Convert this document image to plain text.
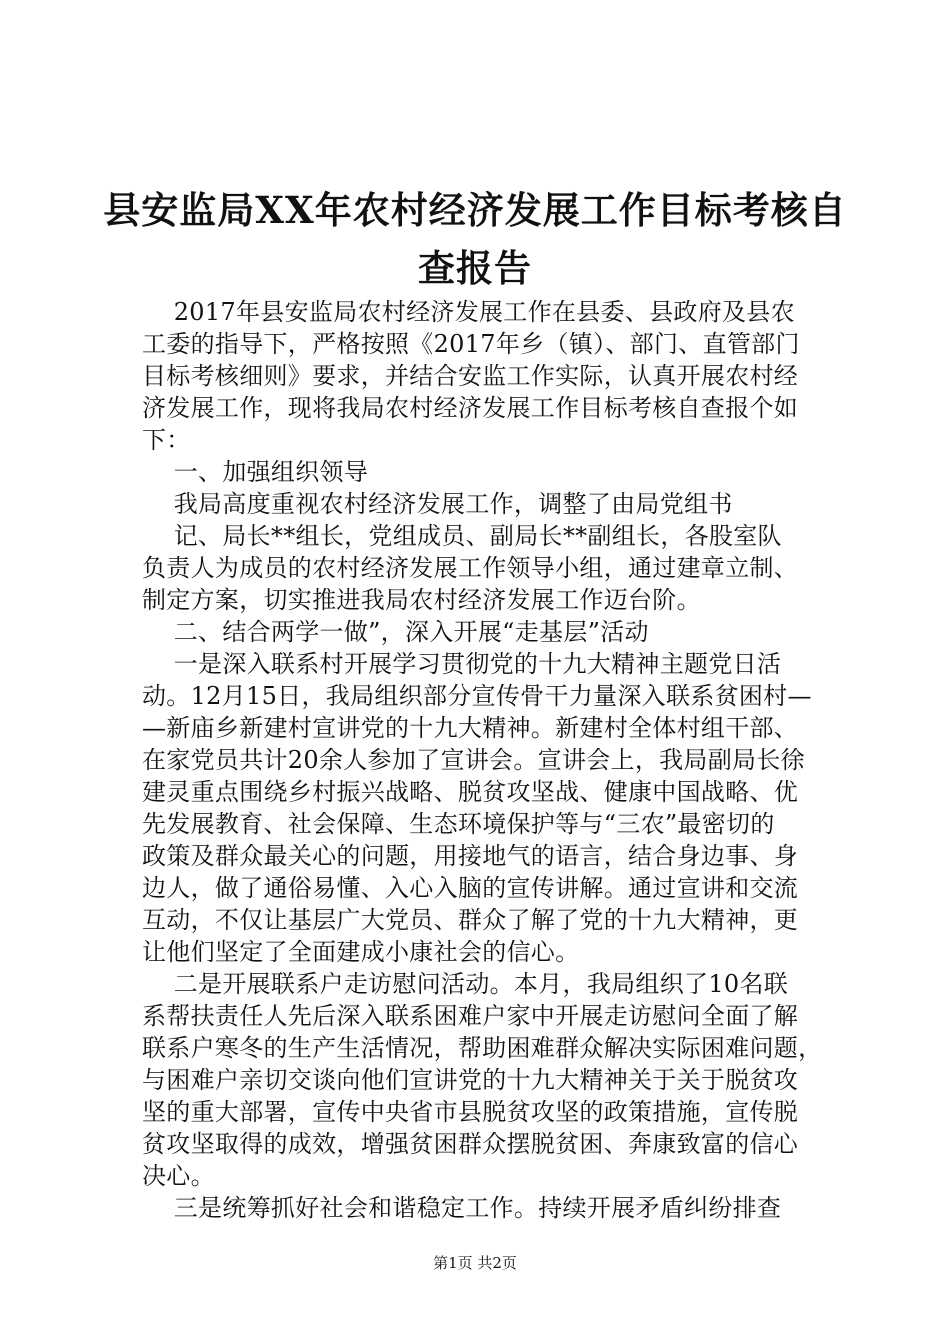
县安监局XX年农村经济发展工作目标考核自
查报告
2017年县安监局农村经济发展工作在县委、县政府及县农
工委的指导下，严格按照《2017年乡（镇）、部门、直管部门
目标考核细则》要求，并结合安监工作实际，认真开展农村经
济发展工作，现将我局农村经济发展工作目标考核自查报个如
下：
一、加强组织领导
我局高度重视农村经济发展工作，调整了由局党组书
记、局长**组长，党组成员、副局长**副组长，各股室队
负责人为成员的农村经济发展工作领导小组，通过建章立制、
制定方案，切实推进我局农村经济发展工作迈台阶。
二、结合两学一做”，深入开展“走基层”活动
一是深入联系村开展学习贯彻党的十九大精神主题党日活
动。12月15日，我局组织部分宣传骨干力量深入联系贫困村—
—新庙乡新建村宣讲党的十九大精神。新建村全体村组干部、
在家党员共计20余人参加了宣讲会。宣讲会上，我局副局长徐
建灵重点围绕乡村振兴战略、脱贫攻坚战、健康中国战略、优
先发展教育、社会保障、生态环境保护等与“三农”最密切的
政策及群众最关心的问题，用接地气的语言，结合身边事、身
边人，做了通俗易懂、入心入脑的宣传讲解。通过宣讲和交流
互动，不仅让基层广大党员、群众了解了党的十九大精神，更
让他们坚定了全面建成小康社会的信心。
二是开展联系户走访慰问活动。本月，我局组织了10名联
系帮扶责任人先后深入联系困难户家中开展走访慰问全面了解
联系户寒冬的生产生活情况，帮助困难群众解决实际困难问题，
与困难户亲切交谈向他们宣讲党的十九大精神关于关于脱贫攻
坚的重大部署，宣传中央省市县脱贫攻坚的政策措施，宣传脱
贫攻坚取得的成效，增强贫困群众摆脱贫困、奔康致富的信心
决心。
三是统筹抓好社会和谐稳定工作。持续开展矛盾纠纷排查
第1页 共2页
